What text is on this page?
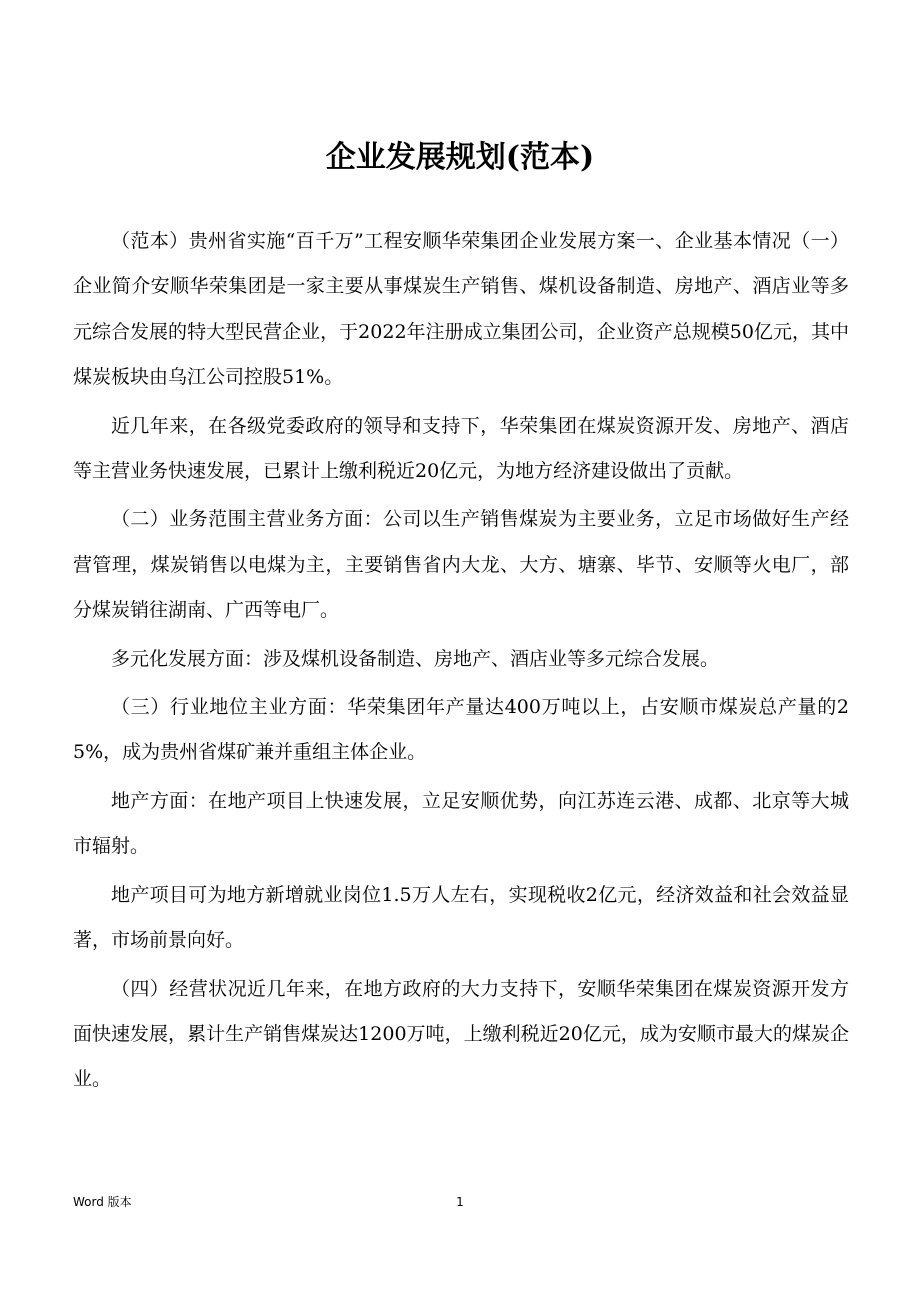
企业发展规划(范本)

（范本）贵州省实施“百千万”工程安顺华荣集团企业发展方案一、企业基本情况（一）企业简介安顺华荣集团是一家主要从事煤炭生产销售、煤机设备制造、房地产、酒店业等多元综合发展的特大型民营企业，于2022年注册成立集团公司，企业资产总规模50亿元，其中煤炭板块由乌江公司控股51%。

近几年来，在各级党委政府的领导和支持下，华荣集团在煤炭资源开发、房地产、酒店等主营业务快速发展，已累计上缴利税近20亿元，为地方经济建设做出了贡献。

（二）业务范围主营业务方面：公司以生产销售煤炭为主要业务，立足市场做好生产经营管理，煤炭销售以电煤为主，主要销售省内大龙、大方、塘寨、毕节、安顺等火电厂，部分煤炭销往湖南、广西等电厂。

多元化发展方面：涉及煤机设备制造、房地产、酒店业等多元综合发展。

（三）行业地位主业方面：华荣集团年产量达400万吨以上，占安顺市煤炭总产量的25%，成为贵州省煤矿兼并重组主体企业。

地产方面：在地产项目上快速发展，立足安顺优势，向江苏连云港、成都、北京等大城市辐射。

地产项目可为地方新增就业岗位1.5万人左右，实现税收2亿元，经济效益和社会效益显著，市场前景向好。

（四）经营状况近几年来，在地方政府的大力支持下，安顺华荣集团在煤炭资源开发方面快速发展，累计生产销售煤炭达1200万吨，上缴利税近20亿元，成为安顺市最大的煤炭企业。

Word 版本	1
